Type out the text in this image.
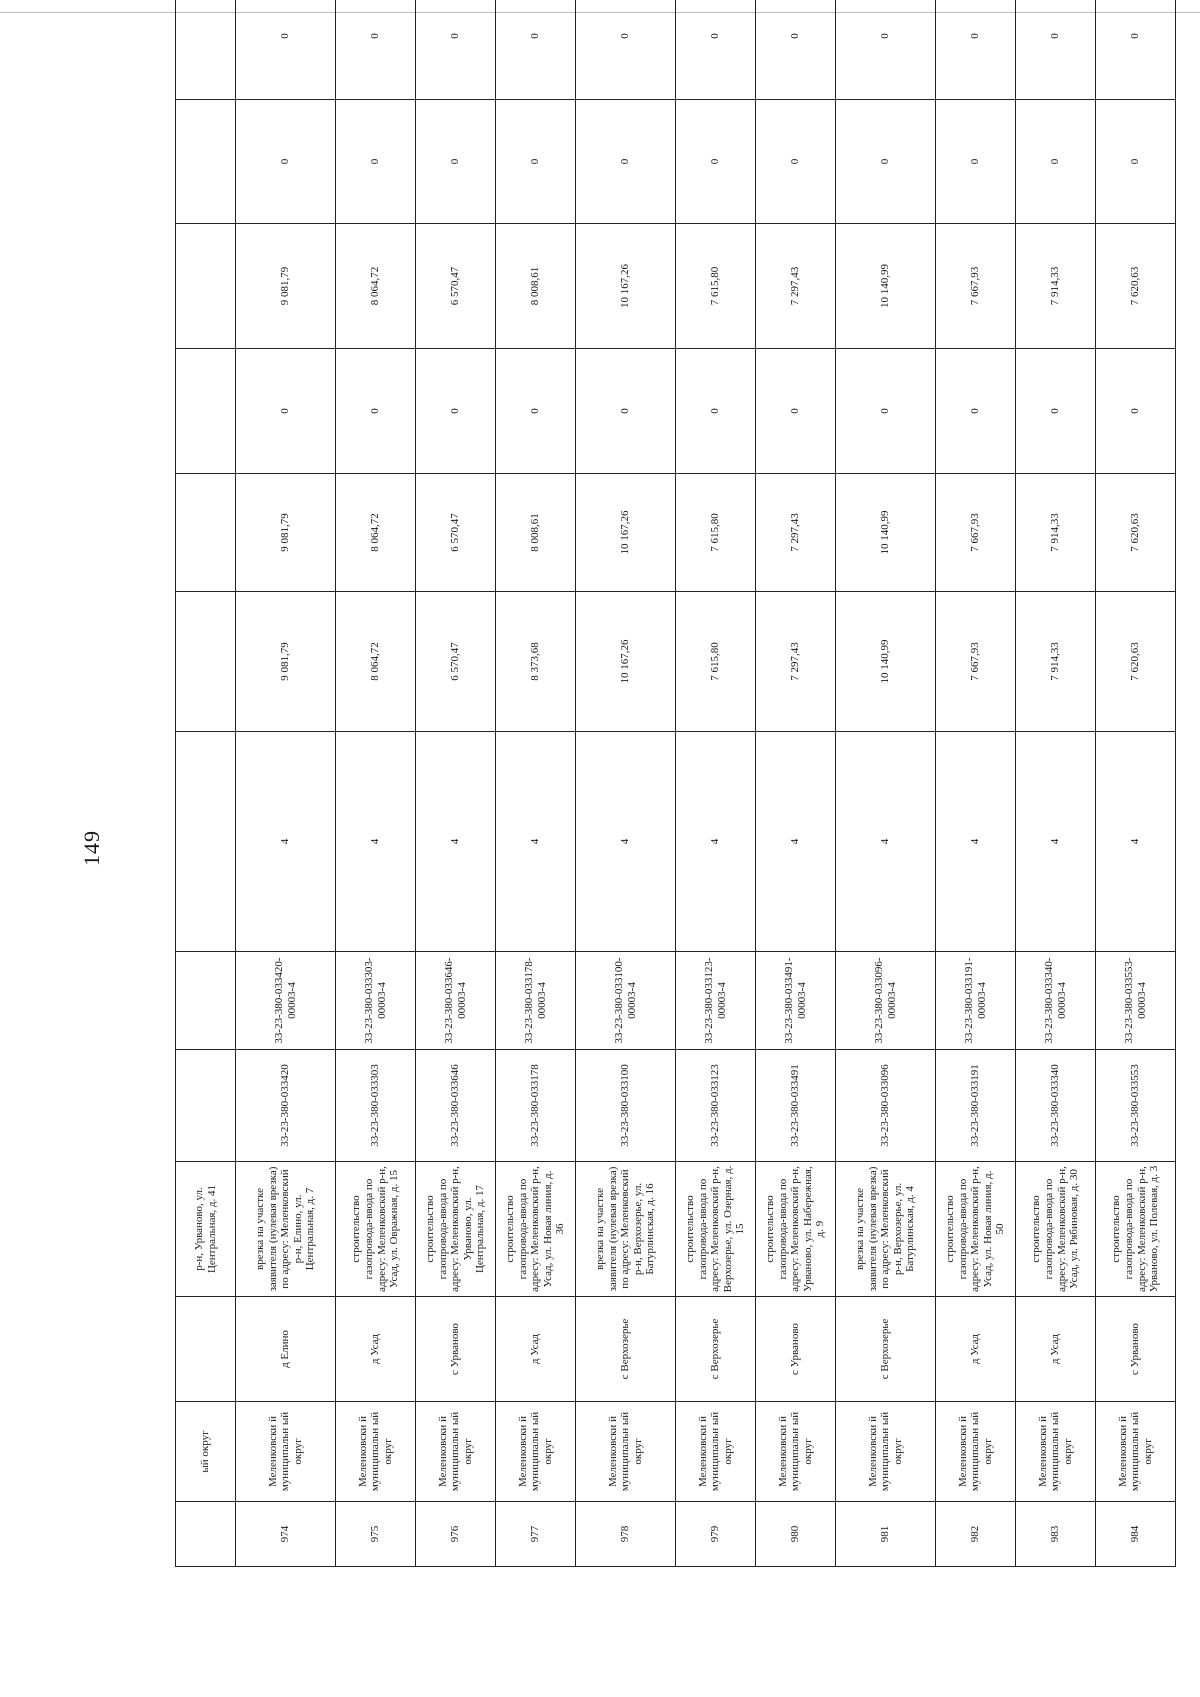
149
	ый округ		р-н, Урваново, ул. Центральная, д. 41									
974	Меленковски й муниципальн ый округ	д Елино	врезка на участке заявителя (нулевая врезка) по адресу: Меленковский р-н, Елино, ул. Центральная, д. 7	33-23-380-033420	33-23-380-033420-00003-4	4	9 081,79	9 081,79	0	9 081,79	0	0
975	Меленковски й муниципальн ый округ	д Усад	строительство газопровода-ввода по адресу: Меленковский р-н, Усад, ул. Овражная, д. 15	33-23-380-033303	33-23-380-033303-00003-4	4	8 064,72	8 064,72	0	8 064,72	0	0
976	Меленковски й муниципальн ый округ	с Урваново	строительство газопровода-ввода по адресу: Меленковский р-н, Урваново, ул. Центральная, д. 17	33-23-380-033646	33-23-380-033646-00003-4	4	6 570,47	6 570,47	0	6 570,47	0	0
977	Меленковски й муниципальн ый округ	д Усад	строительство газопровода-ввода по адресу: Меленковский р-н, Усад, ул. Новая линия, д. 36	33-23-380-033178	33-23-380-033178-00003-4	4	8 373,68	8 008,61	0	8 008,61	0	0
978	Меленковски й муниципальн ый округ	с Верхозерье	врезка на участке заявителя (нулевая врезка) по адресу: Меленковский р-н, Верхозерье, ул. Батурлинская, д. 16	33-23-380-033100	33-23-380-033100-00003-4	4	10 167,26	10 167,26	0	10 167,26	0	0
979	Меленковски й муниципальн ый округ	с Верхозерье	строительство газопровода-ввода по адресу: Меленковский р-н, Верхозерье, ул. Озерная, д. 15	33-23-380-033123	33-23-380-033123-00003-4	4	7 615,80	7 615,80	0	7 615,80	0	0
980	Меленковски й муниципальн ый округ	с Урваново	строительство газопровода-ввода по адресу: Меленковский р-н, Урваново, ул. Набережная, д. 9	33-23-380-033491	33-23-380-033491-00003-4	4	7 297,43	7 297,43	0	7 297,43	0	0
981	Меленковски й муниципальн ый округ	с Верхозерье	врезка на участке заявителя (нулевая врезка) по адресу: Меленковский р-н, Верхозерье, ул. Батурлинская, д. 4	33-23-380-033096	33-23-380-033096-00003-4	4	10 140,99	10 140,99	0	10 140,99	0	0
982	Меленковски й муниципальн ый округ	д Усад	строительство газопровода-ввода по адресу: Меленковский р-н, Усад, ул. Новая линия, д. 50	33-23-380-033191	33-23-380-033191-00003-4	4	7 667,93	7 667,93	0	7 667,93	0	0
983	Меленковски й муниципальн ый округ	д Усад	строительство газопровода-ввода по адресу: Меленковский р-н, Усад, ул. Рябиновая, д. 30	33-23-380-033340	33-23-380-033340-00003-4	4	7 914,33	7 914,33	0	7 914,33	0	0
984	Меленковски й муниципальн ый округ	с Урваново	строительство газопровода-ввода по адресу: Меленковский р-н, Урваново, ул. Полевая, д. 3	33-23-380-033553	33-23-380-033553-00003-4	4	7 620,63	7 620,63	0	7 620,63	0	0
